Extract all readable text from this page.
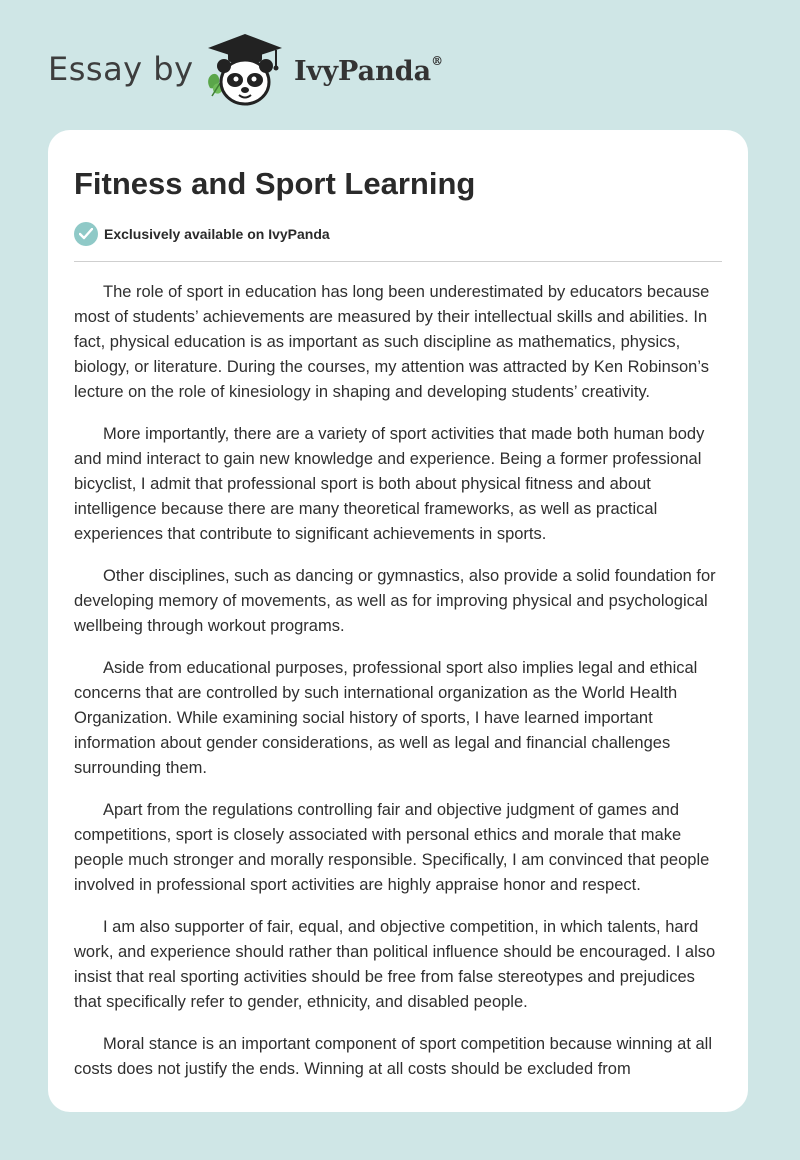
Essay by	IvyPanda®
Fitness and Sport Learning
Exclusively available on IvyPanda

The role of sport in education has long been underestimated by educators because most of students’ achievements are measured by their intellectual skills and abilities. In fact, physical education is as important as such discipline as mathematics, physics, biology, or literature. During the courses, my attention was attracted by Ken Robinson’s lecture on the role of kinesiology in shaping and developing students’ creativity.

More importantly, there are a variety of sport activities that made both human body and mind interact to gain new knowledge and experience. Being a former professional bicyclist, I admit that professional sport is both about physical fitness and about intelligence because there are many theoretical frameworks, as well as practical experiences that contribute to significant achievements in sports.

Other disciplines, such as dancing or gymnastics, also provide a solid foundation for developing memory of movements, as well as for improving physical and psychological wellbeing through workout programs.

Aside from educational purposes, professional sport also implies legal and ethical concerns that are controlled by such international organization as the World Health Organization. While examining social history of sports, I have learned important information about gender considerations, as well as legal and financial challenges surrounding them.

Apart from the regulations controlling fair and objective judgment of games and competitions, sport is closely associated with personal ethics and morale that make people much stronger and morally responsible. Specifically, I am convinced that people involved in professional sport activities are highly appraise honor and respect.

I am also supporter of fair, equal, and objective competition, in which talents, hard work, and experience should rather than political influence should be encouraged. I also insist that real sporting activities should be free from false stereotypes and prejudices that specifically refer to gender, ethnicity, and disabled people.

Moral stance is an important component of sport competition because winning at all costs does not justify the ends. Winning at all costs should be excluded from
